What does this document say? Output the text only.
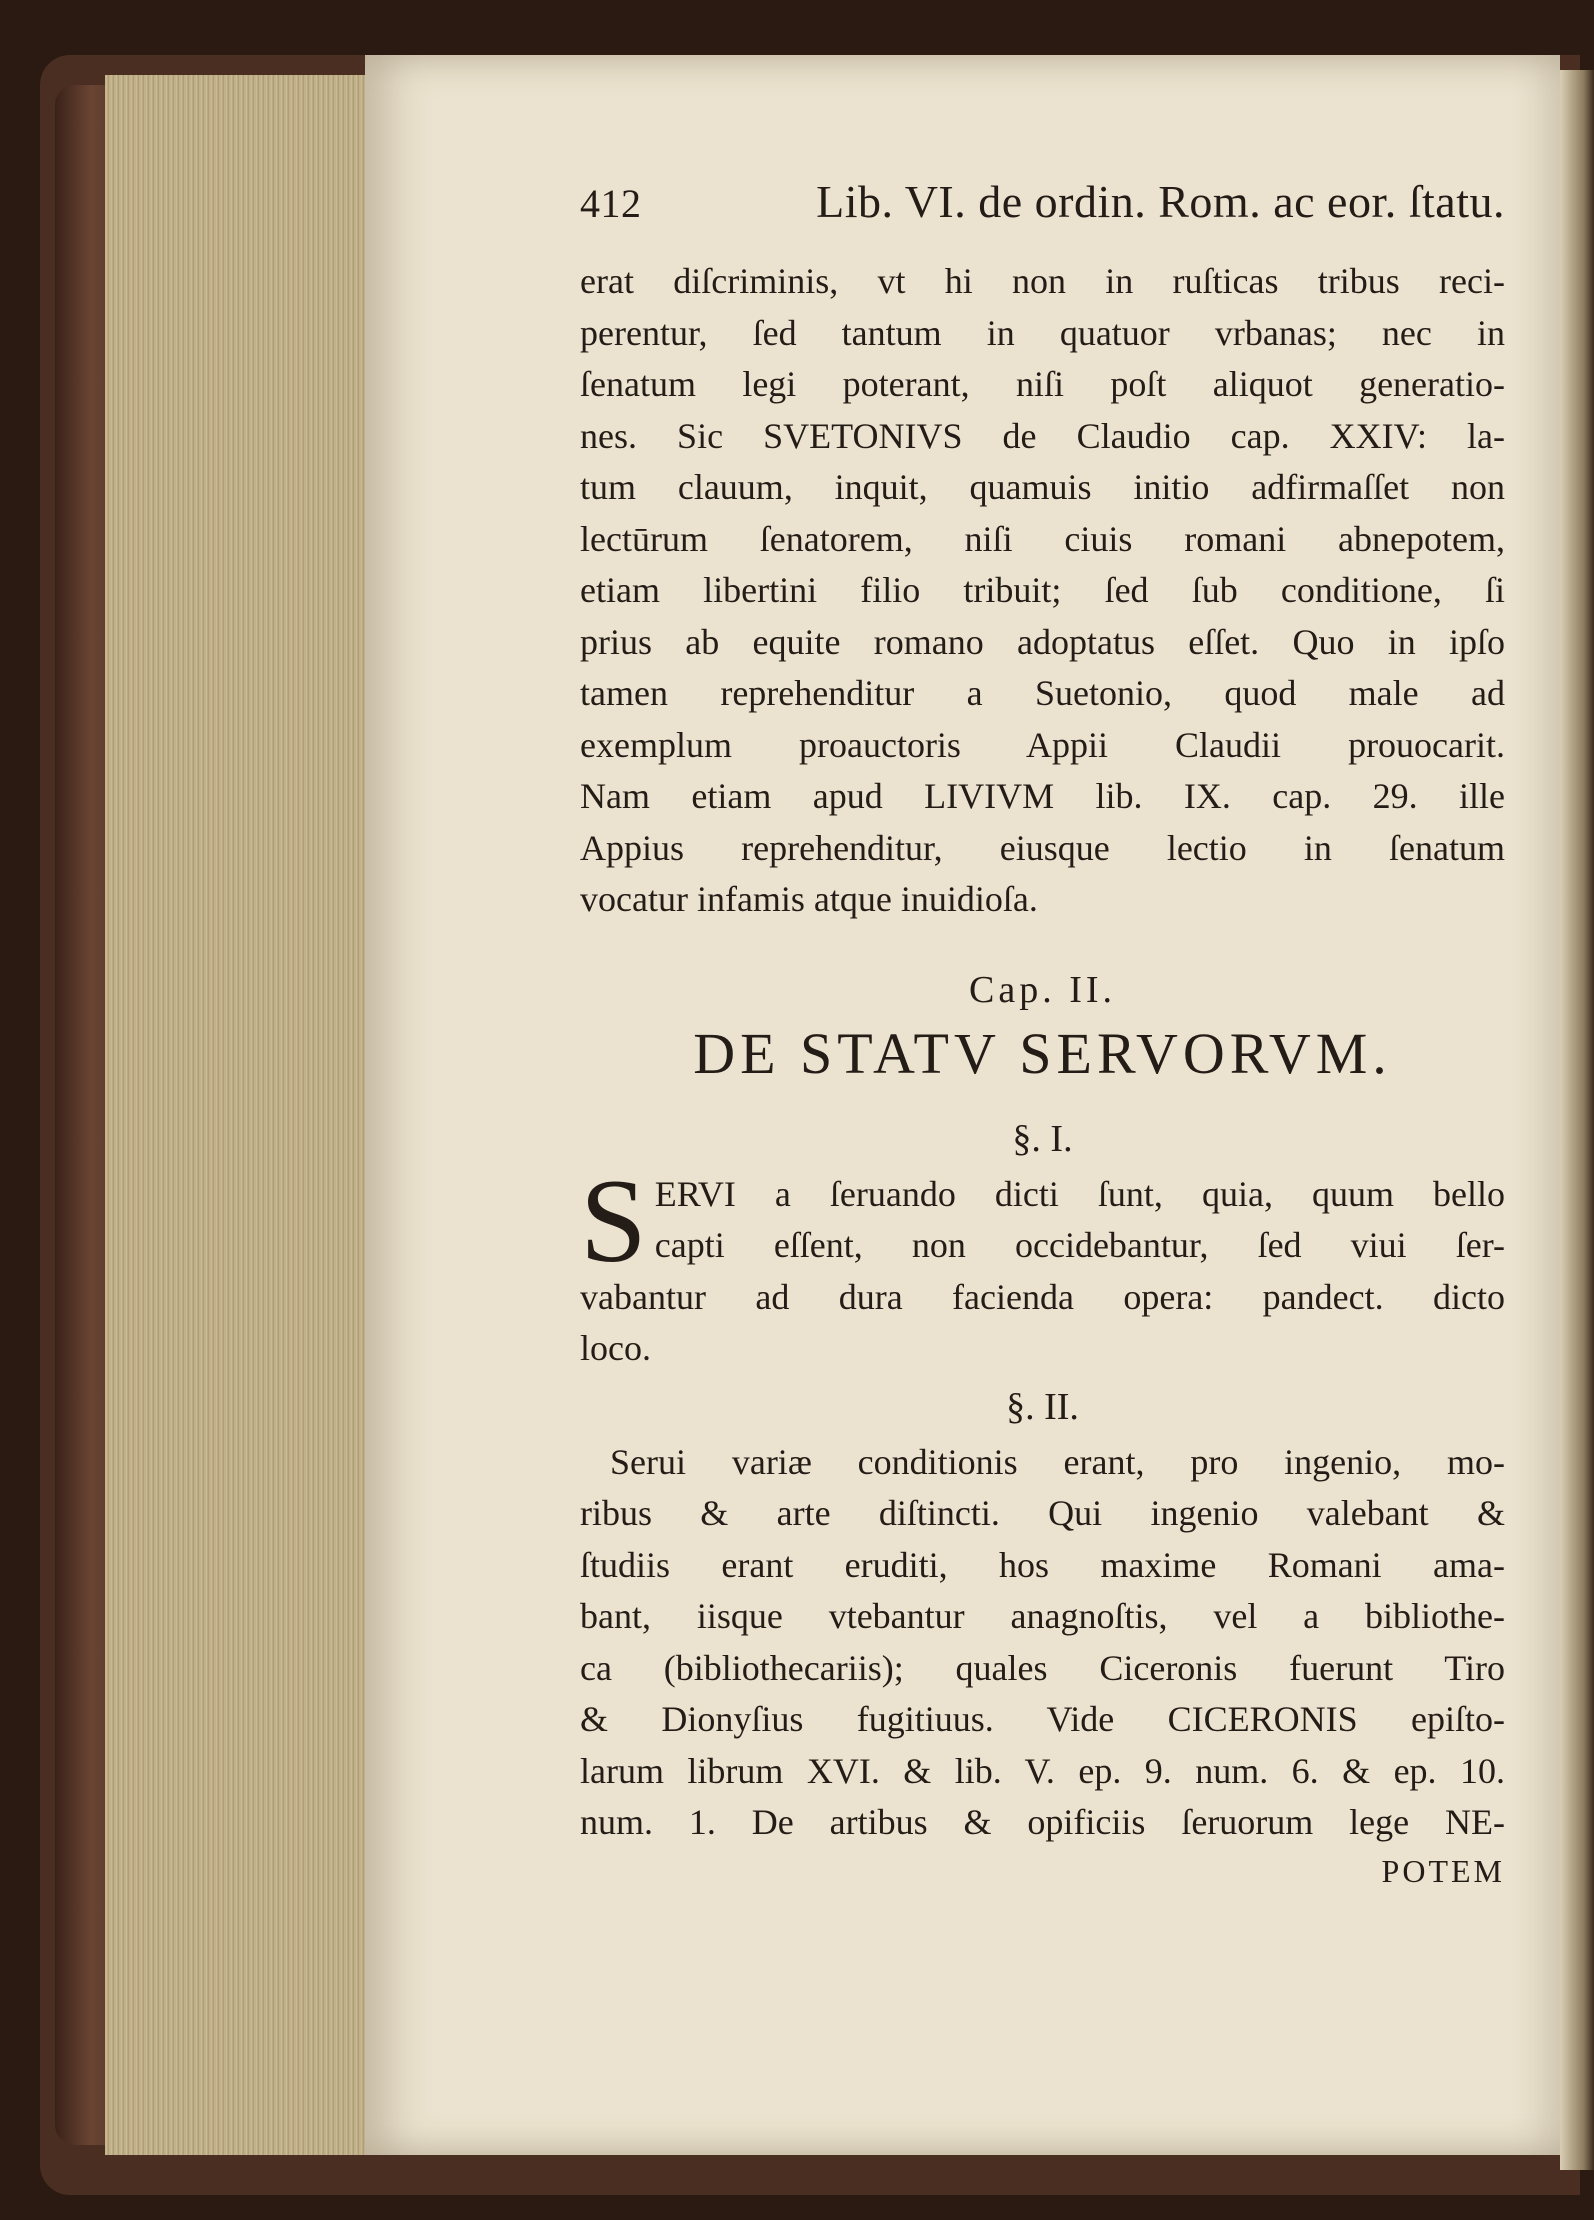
412	Lib. VI. de ordin. Rom. ac eor. ſtatu.

erat diſcriminis, vt hi non in ruſticas tribus reci-
perentur, ſed tantum in quatuor vrbanas; nec in
ſenatum legi poterant, niſi poſt aliquot generatio-
nes. Sic SVETONIVS de Claudio cap. XXIV: la-
tum clauum, inquit, quamuis initio adfirmaſſet non
lectūrum ſenatorem, niſi ciuis romani abnepotem,
etiam libertini filio tribuit; ſed ſub conditione, ſi
prius ab equite romano adoptatus eſſet. Quo in ipſo
tamen reprehenditur a Suetonio, quod male ad
exemplum proauctoris Appii Claudii prouocarit.
Nam etiam apud LIVIVM lib. IX. cap. 29. ille
Appius reprehenditur, eiusque lectio in ſenatum
vocatur infamis atque inuidioſa.

Cap. II.
DE STATV SERVORVM.
§. I.

S ERVI a ſeruando dicti ſunt, quia, quum bello
capti eſſent, non occidebantur, ſed viui ſer-
vabantur ad dura facienda opera: pandect. dicto
loco.

§. II.

Serui variæ conditionis erant, pro ingenio, mo-
ribus & arte diſtincti. Qui ingenio valebant &
ſtudiis erant eruditi, hos maxime Romani ama-
bant, iisque vtebantur anagnoſtis, vel a bibliothe-
ca (bibliothecariis); quales Ciceronis fuerunt Tiro
& Dionyſius fugitiuus. Vide CICERONIS epiſto-
larum librum XVI. & lib. V. ep. 9. num. 6. & ep. 10.
num. 1. De artibus & opificiis ſeruorum lege NE-

POTEM
